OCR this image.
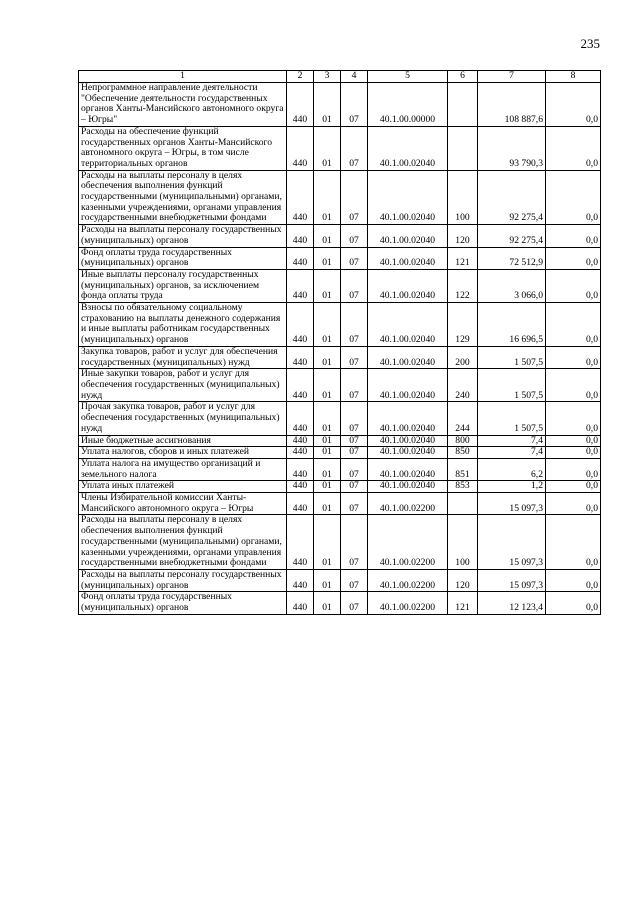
235
1	2	3	4	5	6	7	8
Непрограммное направление деятельности "Обеспечение деятельности государственных органов Ханты-Мансийского автономного округа – Югры"	440	01	07	40.1.00.00000		108 887,6	0,0
Расходы на обеспечение функций государственных органов Ханты-Мансийского автономного округа – Югры, в том числе территориальных органов	440	01	07	40.1.00.02040		93 790,3	0,0
Расходы на выплаты персоналу в целях обеспечения выполнения функций государственными (муниципальными) органами, казенными учреждениями, органами управления государственными внебюджетными фондами	440	01	07	40.1.00.02040	100	92 275,4	0,0
Расходы на выплаты персоналу государственных (муниципальных) органов	440	01	07	40.1.00.02040	120	92 275,4	0,0
Фонд оплаты труда государственных (муниципальных) органов	440	01	07	40.1.00.02040	121	72 512,9	0,0
Иные выплаты персоналу государственных (муниципальных) органов, за исключением фонда оплаты труда	440	01	07	40.1.00.02040	122	3 066,0	0,0
Взносы по обязательному социальному страхованию на выплаты денежного содержания и иные выплаты работникам государственных (муниципальных) органов	440	01	07	40.1.00.02040	129	16 696,5	0,0
Закупка товаров, работ и услуг для обеспечения государственных (муниципальных) нужд	440	01	07	40.1.00.02040	200	1 507,5	0,0
Иные закупки товаров, работ и услуг для обеспечения государственных (муниципальных) нужд	440	01	07	40.1.00.02040	240	1 507,5	0,0
Прочая закупка товаров, работ и услуг для обеспечения государственных (муниципальных) нужд	440	01	07	40.1.00.02040	244	1 507,5	0,0
Иные бюджетные ассигнования	440	01	07	40.1.00.02040	800	7,4	0,0
Уплата налогов, сборов и иных платежей	440	01	07	40.1.00.02040	850	7,4	0,0
Уплата налога на имущество организаций и земельного налога	440	01	07	40.1.00.02040	851	6,2	0,0
Уплата иных платежей	440	01	07	40.1.00.02040	853	1,2	0,0
Члены Избирательной комиссии Ханты-Мансийского автономного округа – Югры	440	01	07	40.1.00.02200		15 097,3	0,0
Расходы на выплаты персоналу в целях обеспечения выполнения функций государственными (муниципальными) органами, казенными учреждениями, органами управления государственными внебюджетными фондами	440	01	07	40.1.00.02200	100	15 097,3	0,0
Расходы на выплаты персоналу государственных (муниципальных) органов	440	01	07	40.1.00.02200	120	15 097,3	0,0
Фонд оплаты труда государственных (муниципальных) органов	440	01	07	40.1.00.02200	121	12 123,4	0,0
